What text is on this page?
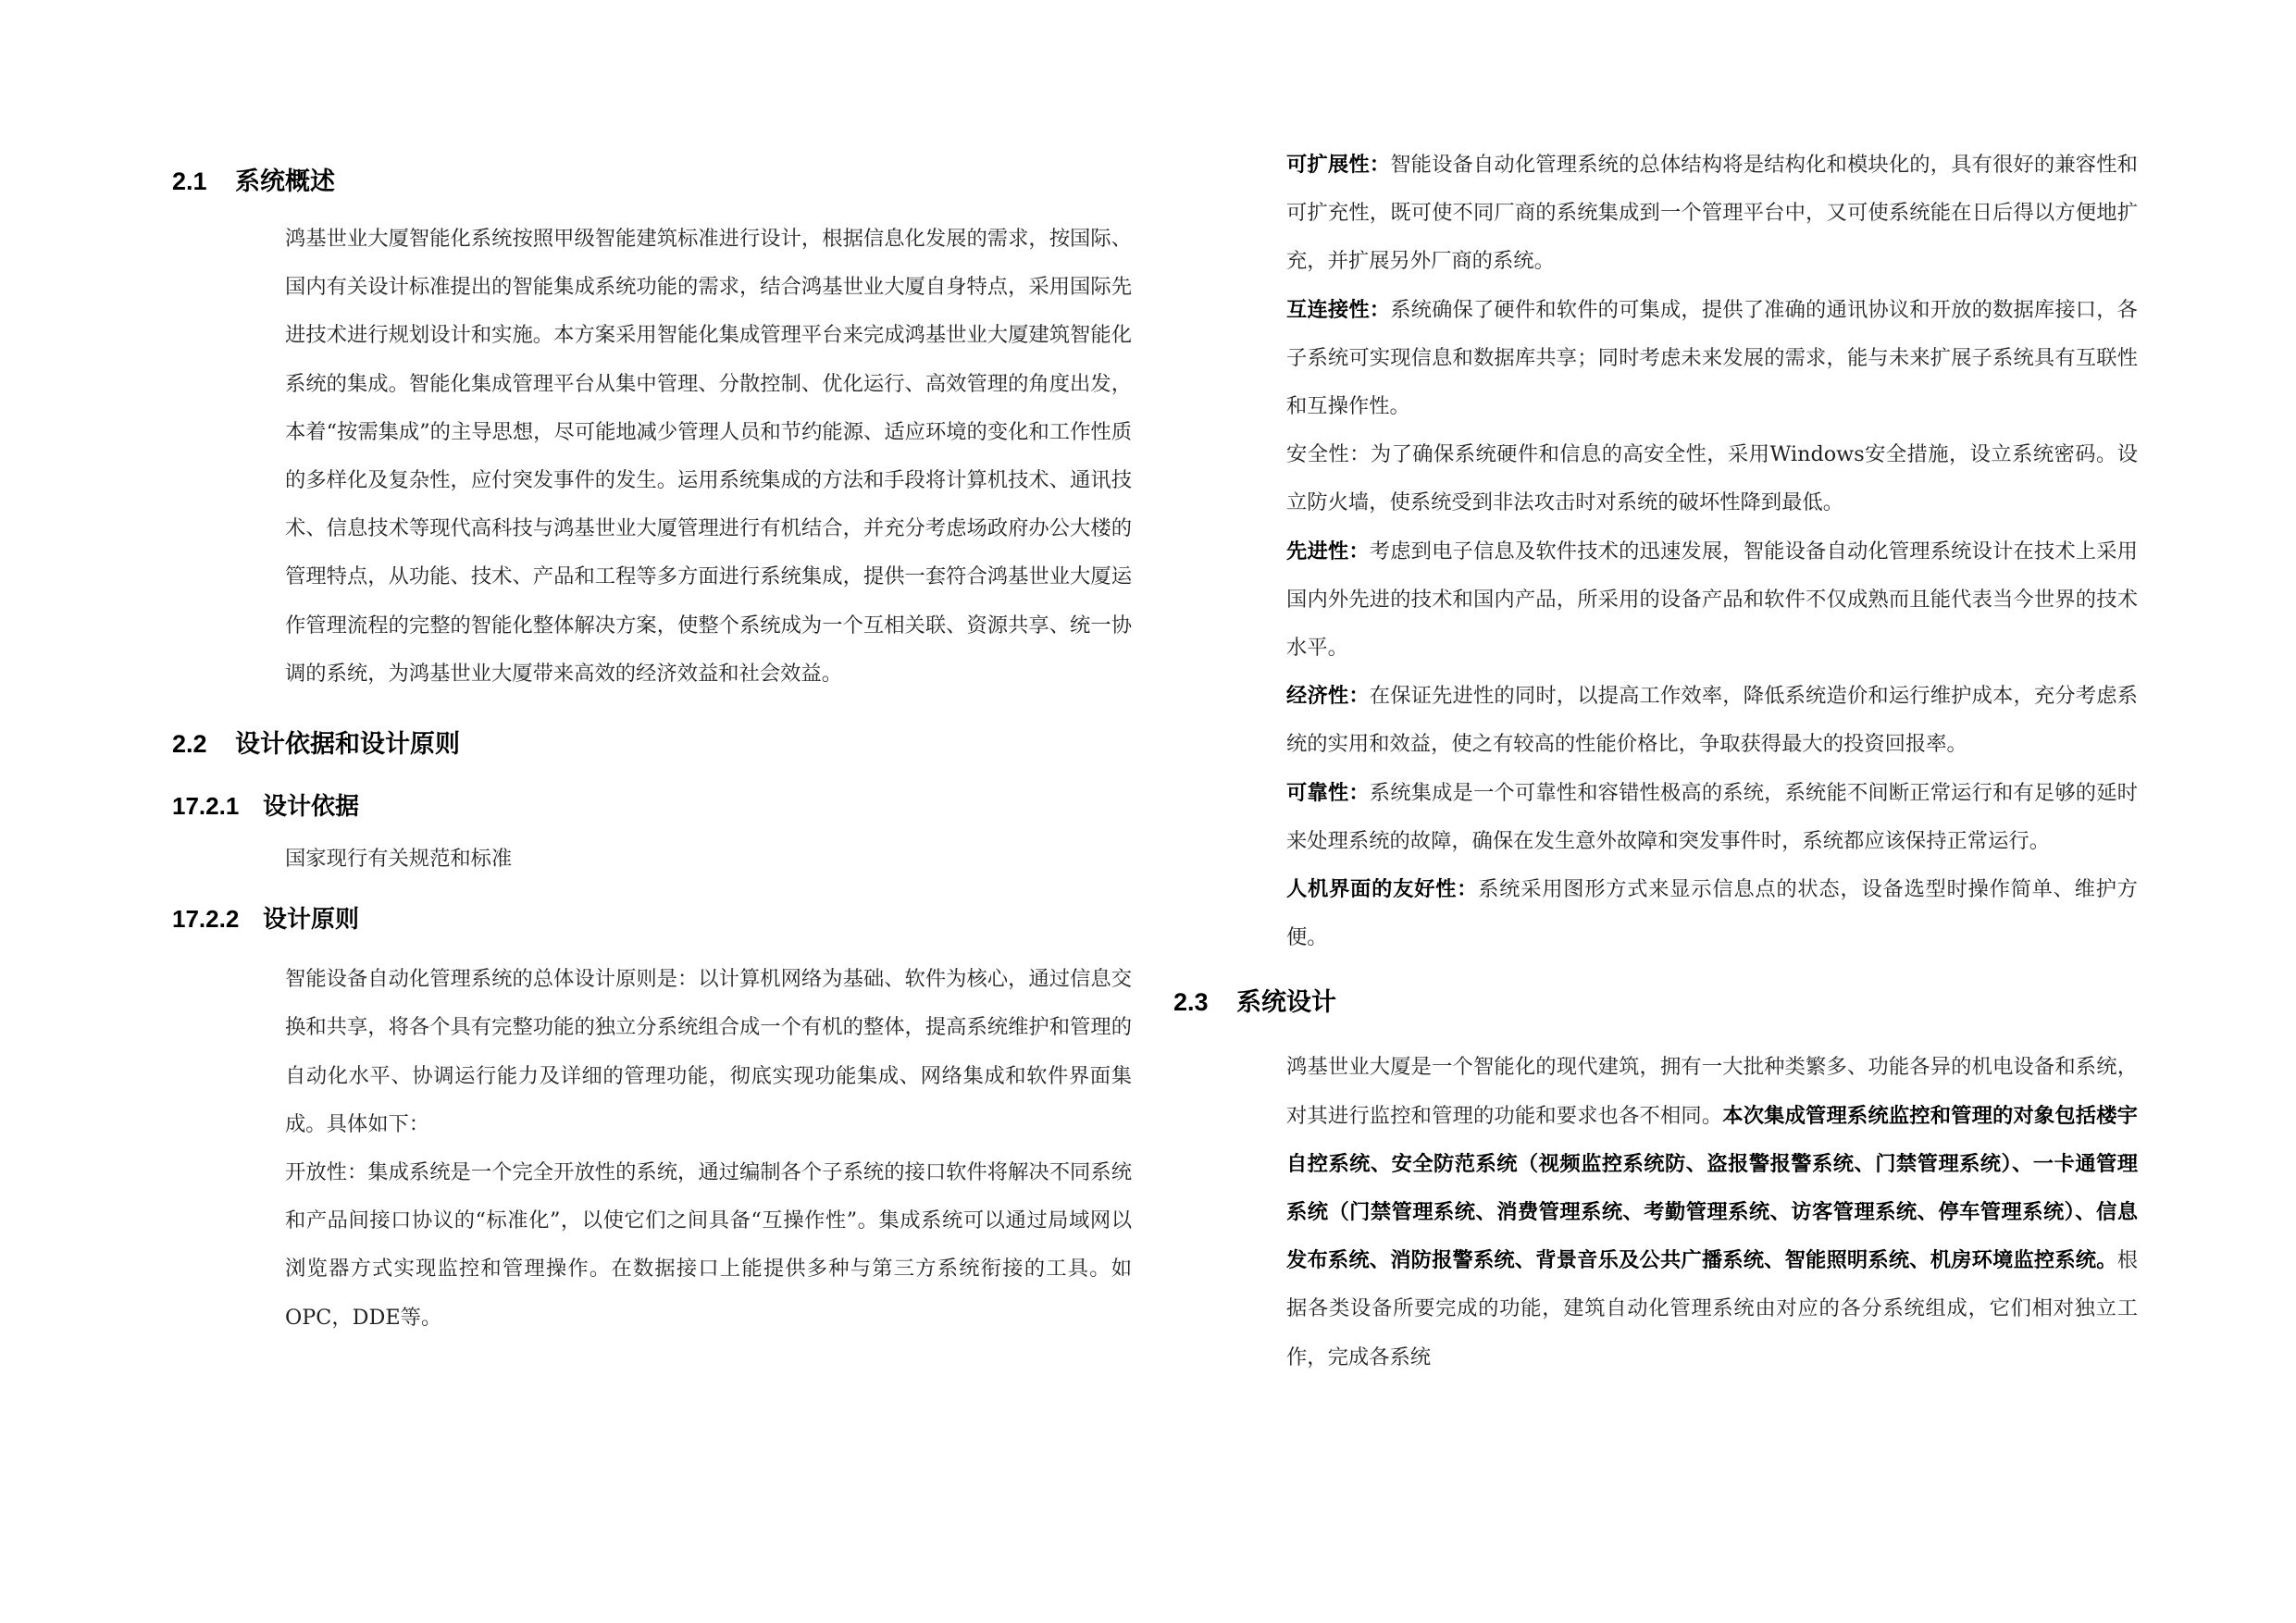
2.1 系统概述

鸿基世业大厦智能化系统按照甲级智能建筑标准进行设计，根据信息化发展的需求，按国际、国内有关设计标准提出的智能集成系统功能的需求，结合鸿基世业大厦自身特点，采用国际先进技术进行规划设计和实施。本方案采用智能化集成管理平台来完成鸿基世业大厦建筑智能化系统的集成。智能化集成管理平台从集中管理、分散控制、优化运行、高效管理的角度出发，本着“按需集成”的主导思想，尽可能地减少管理人员和节约能源、适应环境的变化和工作性质的多样化及复杂性，应付突发事件的发生。运用系统集成的方法和手段将计算机技术、通讯技术、信息技术等现代高科技与鸿基世业大厦管理进行有机结合，并充分考虑场政府办公大楼的管理特点，从功能、技术、产品和工程等多方面进行系统集成，提供一套符合鸿基世业大厦运作管理流程的完整的智能化整体解决方案，使整个系统成为一个互相关联、资源共享、统一协调的系统，为鸿基世业大厦带来高效的经济效益和社会效益。

2.2 设计依据和设计原则
17.2.1 设计依据

国家现行有关规范和标准

17.2.2 设计原则

智能设备自动化管理系统的总体设计原则是：以计算机网络为基础、软件为核心，通过信息交换和共享，将各个具有完整功能的独立分系统组合成一个有机的整体，提高系统维护和管理的自动化水平、协调运行能力及详细的管理功能，彻底实现功能集成、网络集成和软件界面集成。具体如下：

开放性：集成系统是一个完全开放性的系统，通过编制各个子系统的接口软件将解决不同系统和产品间接口协议的“标准化”，以使它们之间具备“互操作性”。集成系统可以通过局域网以浏览器方式实现监控和管理操作。在数据接口上能提供多种与第三方系统衔接的工具。如OPC，DDE等。

可扩展性：智能设备自动化管理系统的总体结构将是结构化和模块化的，具有很好的兼容性和可扩充性，既可使不同厂商的系统集成到一个管理平台中，又可使系统能在日后得以方便地扩充，并扩展另外厂商的系统。

互连接性：系统确保了硬件和软件的可集成，提供了准确的通讯协议和开放的数据库接口，各子系统可实现信息和数据库共享；同时考虑未来发展的需求，能与未来扩展子系统具有互联性和互操作性。

安全性：为了确保系统硬件和信息的高安全性，采用Windows安全措施，设立系统密码。设立防火墙，使系统受到非法攻击时对系统的破坏性降到最低。

先进性：考虑到电子信息及软件技术的迅速发展，智能设备自动化管理系统设计在技术上采用国内外先进的技术和国内产品，所采用的设备产品和软件不仅成熟而且能代表当今世界的技术水平。

经济性：在保证先进性的同时，以提高工作效率，降低系统造价和运行维护成本，充分考虑系统的实用和效益，使之有较高的性能价格比，争取获得最大的投资回报率。

可靠性：系统集成是一个可靠性和容错性极高的系统，系统能不间断正常运行和有足够的延时来处理系统的故障，确保在发生意外故障和突发事件时，系统都应该保持正常运行。

人机界面的友好性：系统采用图形方式来显示信息点的状态，设备选型时操作简单、维护方便。

2.3 系统设计

鸿基世业大厦是一个智能化的现代建筑，拥有一大批种类繁多、功能各异的机电设备和系统，对其进行监控和管理的功能和要求也各不相同。本次集成管理系统监控和管理的对象包括楼宇自控系统、安全防范系统（视频监控系统防、盗报警报警系统、门禁管理系统）、一卡通管理系统（门禁管理系统、消费管理系统、考勤管理系统、访客管理系统、停车管理系统）、信息发布系统、消防报警系统、背景音乐及公共广播系统、智能照明系统、机房环境监控系统。根据各类设备所要完成的功能，建筑自动化管理系统由对应的各分系统组成，它们相对独立工作，完成各系统
